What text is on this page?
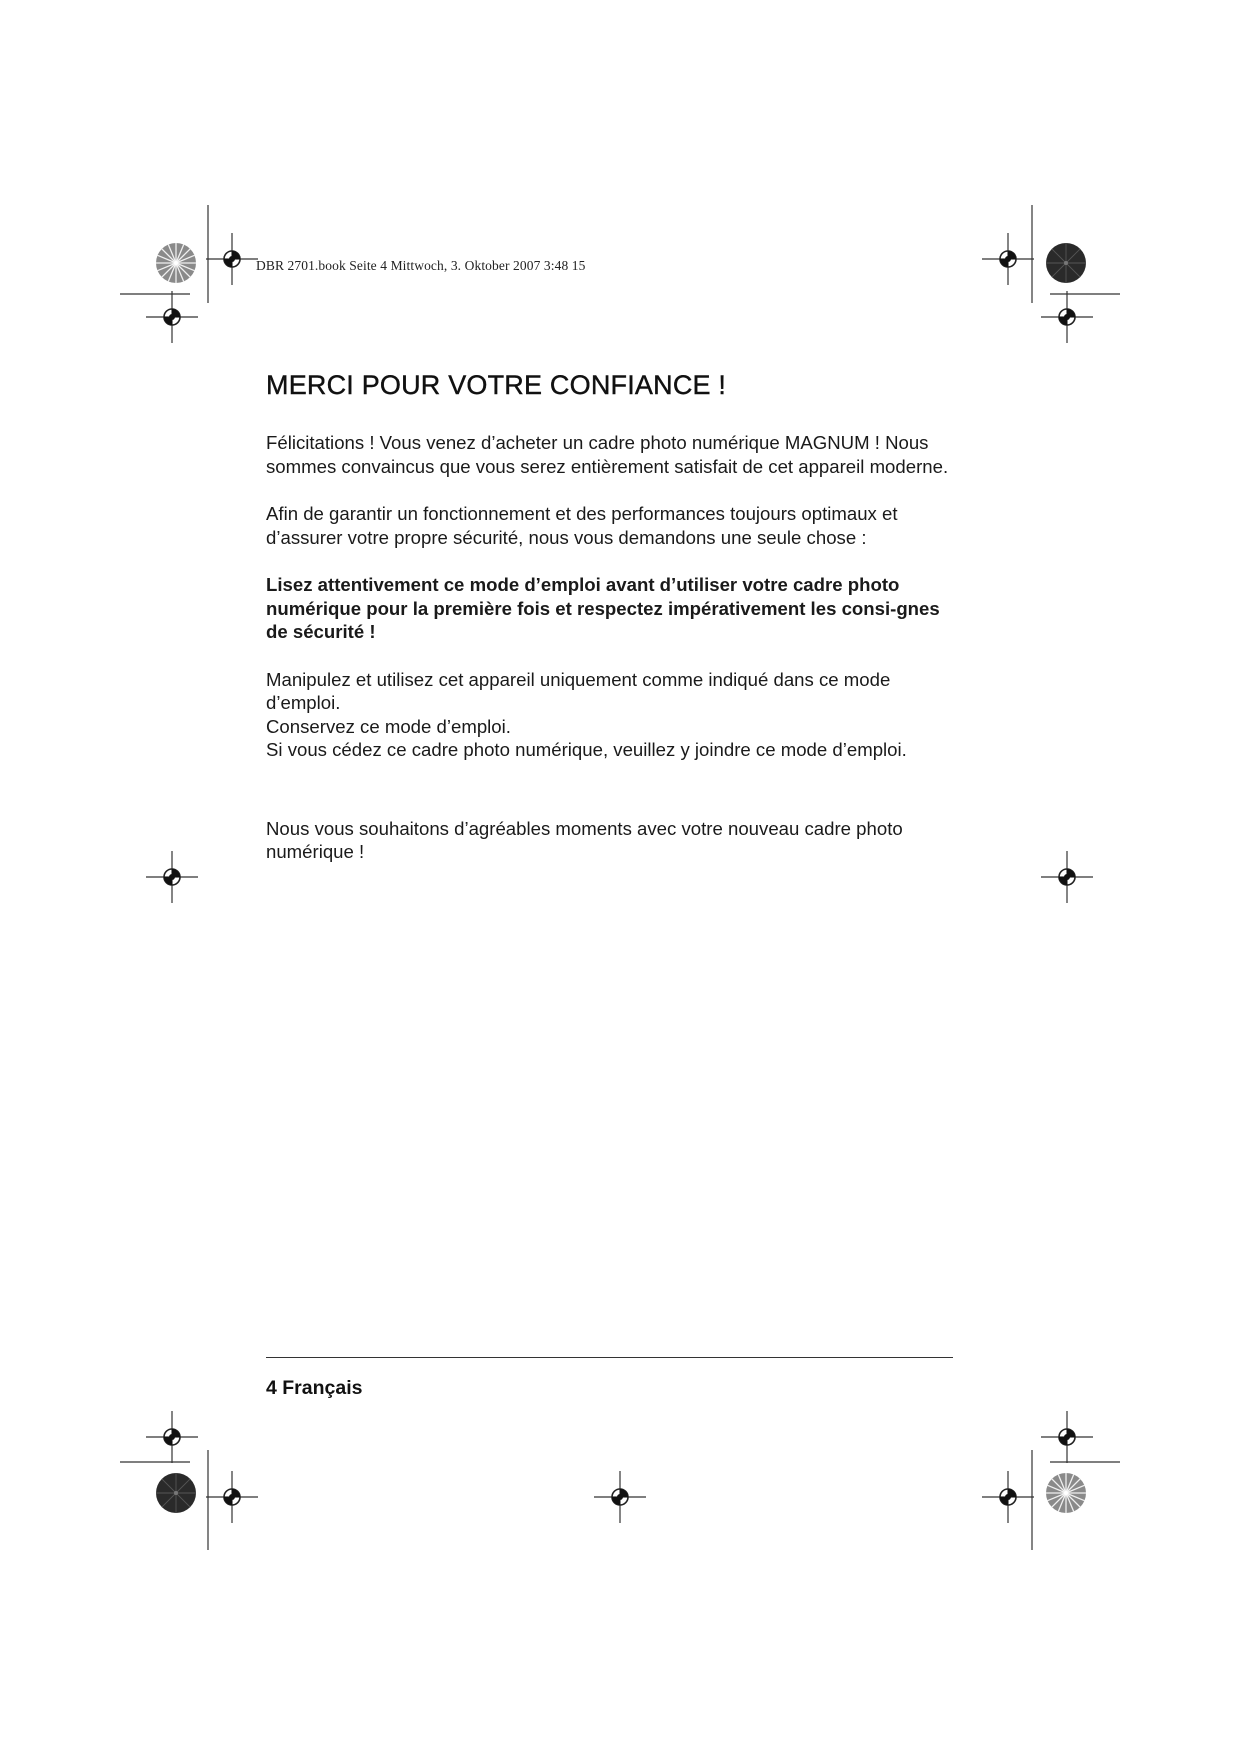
DBR 2701.book Seite 4 Mittwoch, 3. Oktober 2007 3:48 15
MERCI POUR VOTRE CONFIANCE !

Félicitations ! Vous venez d’acheter un cadre photo numérique MAGNUM ! Nous sommes convaincus que vous serez entièrement satisfait de cet appareil moderne.

Afin de garantir un fonctionnement et des performances toujours optimaux et d’assurer votre propre sécurité, nous vous demandons une seule chose :

Lisez attentivement ce mode d’emploi avant d’utiliser votre cadre photo numérique pour la première fois et respectez impérativement les consi-gnes de sécurité !

Manipulez et utilisez cet appareil uniquement comme indiqué dans ce mode d’emploi.

Conservez ce mode d’emploi.

Si vous cédez ce cadre photo numérique, veuillez y joindre ce mode d’emploi.

Nous vous souhaitons d’agréables moments avec votre nouveau cadre photo numérique !

4 Français
